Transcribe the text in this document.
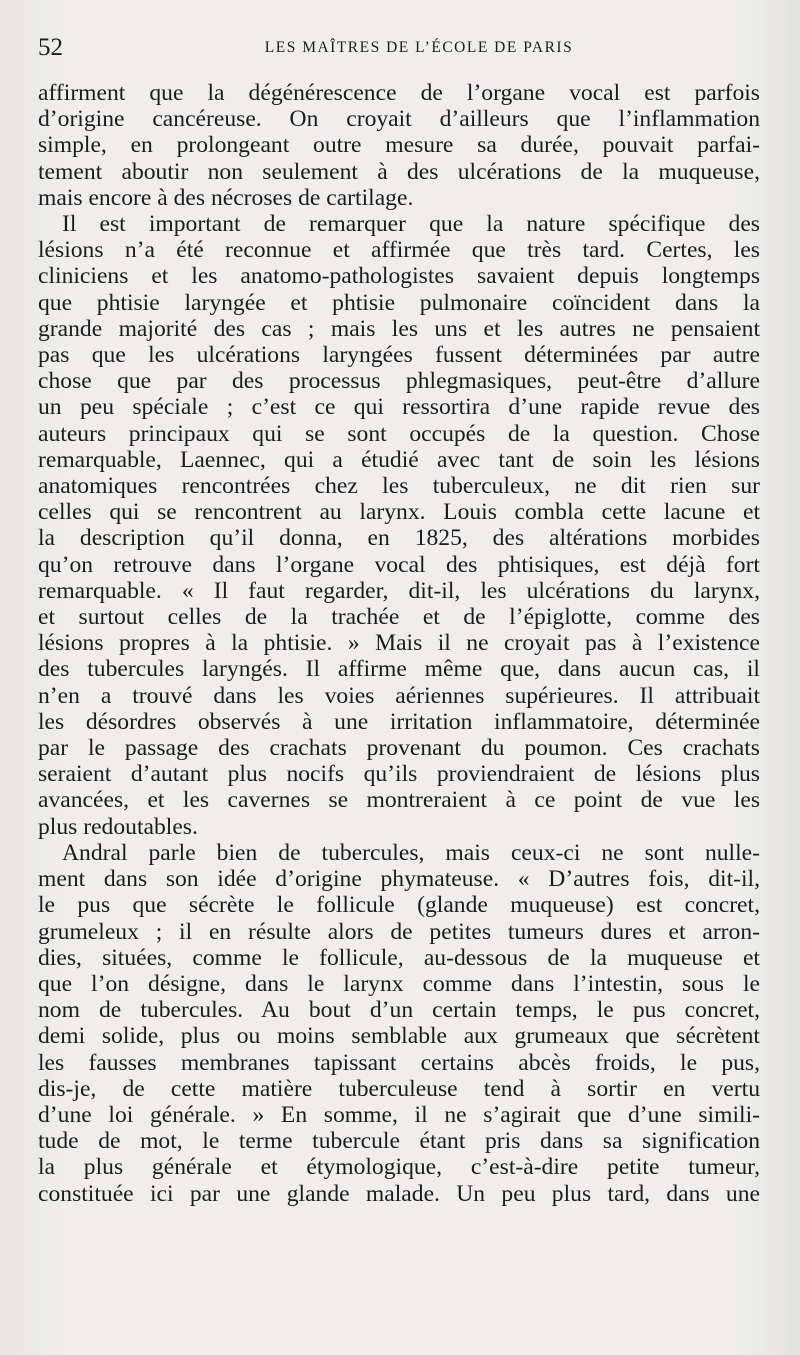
52	LES MAÎTRES DE L’ÉCOLE DE PARIS

affirment que la dégénérescence de l’organe vocal est parfois

d’origine cancéreuse. On croyait d’ailleurs que l’inflammation

simple, en prolongeant outre mesure sa durée, pouvait parfai-

tement aboutir non seulement à des ulcérations de la muqueuse,

mais encore à des nécroses de cartilage.

Il est important de remarquer que la nature spécifique des

lésions n’a été reconnue et affirmée que très tard. Certes, les

cliniciens et les anatomo-pathologistes savaient depuis longtemps

que phtisie laryngée et phtisie pulmonaire coïncident dans la

grande majorité des cas ; mais les uns et les autres ne pensaient

pas que les ulcérations laryngées fussent déterminées par autre

chose que par des processus phlegmasiques, peut-être d’allure

un peu spéciale ; c’est ce qui ressortira d’une rapide revue des

auteurs principaux qui se sont occupés de la question. Chose

remarquable, Laennec, qui a étudié avec tant de soin les lésions

anatomiques rencontrées chez les tuberculeux, ne dit rien sur

celles qui se rencontrent au larynx. Louis combla cette lacune et

la description qu’il donna, en 1825, des altérations morbides

qu’on retrouve dans l’organe vocal des phtisiques, est déjà fort

remarquable. « Il faut regarder, dit-il, les ulcérations du larynx,

et surtout celles de la trachée et de l’épiglotte, comme des

lésions propres à la phtisie. » Mais il ne croyait pas à l’existence

des tubercules laryngés. Il affirme même que, dans aucun cas, il

n’en a trouvé dans les voies aériennes supérieures. Il attribuait

les désordres observés à une irritation inflammatoire, déterminée

par le passage des crachats provenant du poumon. Ces crachats

seraient d’autant plus nocifs qu’ils proviendraient de lésions plus

avancées, et les cavernes se montreraient à ce point de vue les

plus redoutables.

Andral parle bien de tubercules, mais ceux-ci ne sont nulle-

ment dans son idée d’origine phymateuse. « D’autres fois, dit-il,

le pus que sécrète le follicule (glande muqueuse) est concret,

grumeleux ; il en résulte alors de petites tumeurs dures et arron-

dies, situées, comme le follicule, au-dessous de la muqueuse et

que l’on désigne, dans le larynx comme dans l’intestin, sous le

nom de tubercules. Au bout d’un certain temps, le pus concret,

demi solide, plus ou moins semblable aux grumeaux que sécrètent

les fausses membranes tapissant certains abcès froids, le pus,

dis-je, de cette matière tuberculeuse tend à sortir en vertu

d’une loi générale. » En somme, il ne s’agirait que d’une simili-

tude de mot, le terme tubercule étant pris dans sa signification

la plus générale et étymologique, c’est-à-dire petite tumeur,

constituée ici par une glande malade. Un peu plus tard, dans une
